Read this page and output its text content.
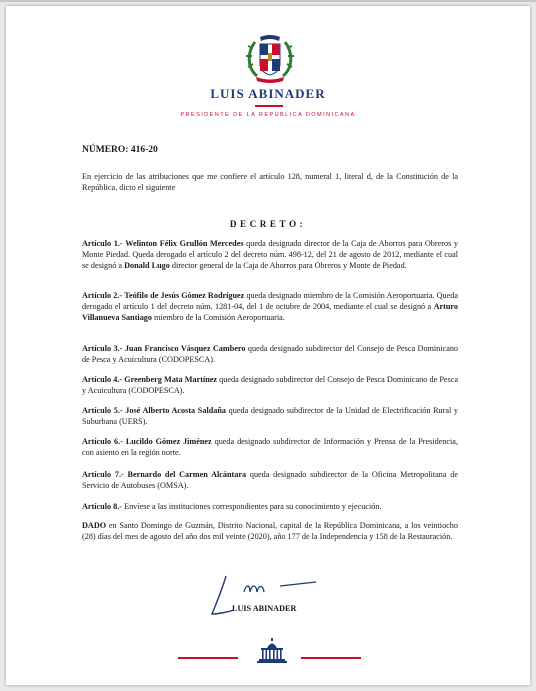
LUIS ABINADER
PRESIDENTE DE LA REPÚBLICA DOMINICANA
NÚMERO: 416-20
En ejercicio de las atribuciones que me confiere el artículo 128, numeral 1, literal d, de la Constitución de la República, dicto el siguiente
DECRETO:
Artículo 1.- Welinton Félix Grullón Mercedes queda designado director de la Caja de Ahorros para Obreros y Monte Piedad. Queda derogado el artículo 2 del decreto núm. 498-12, del 21 de agosto de 2012, mediante el cual se designó a Donald Lugo director general de la Caja de Ahorros para Obreros y Monte de Piedad.
Artículo 2.- Teófilo de Jesús Gómez Rodríguez queda designado miembro de la Comisión Aeroportuaria. Queda derogado el artículo 1 del decreto núm. 1281-04, del 1 de octubre de 2004, mediante el cual se designó a Arturo Villanueva Santiago miembro de la Comisión Aeroportuaria.
Artículo 3.- Juan Francisco Vásquez Cambero queda designado subdirector del Consejo de Pesca Dominicano de Pesca y Acuicultura (CODOPESCA).
Artículo 4.- Greenberg Mata Martínez queda designado subdirector del Consejo de Pesca Dominicano de Pesca y Acuicultura (CODOPESCA).
Artículo 5.- José Alberto Acosta Saldaña queda designado subdirector de la Unidad de Electrificación Rural y Suburbana (UERS).
Artículo 6.- Lucildo Gómez Jiménez queda designado subdirector de Información y Prensa de la Presidencia, con asiento en la región norte.
Artículo 7.- Bernardo del Carmen Alcántara queda designado subdirector de la Oficina Metropolitana de Servicio de Autobuses (OMSA).
Artículo 8.- Envíese a las instituciones correspondientes para su conocimiento y ejecución.
DADO en Santo Domingo de Guzmán, Distrito Nacional, capital de la República Dominicana, a los veintiocho (28) días del mes de agosto del año dos mil veinte (2020), año 177 de la Independencia y 158 de la Restauración.
LUIS ABINADER
